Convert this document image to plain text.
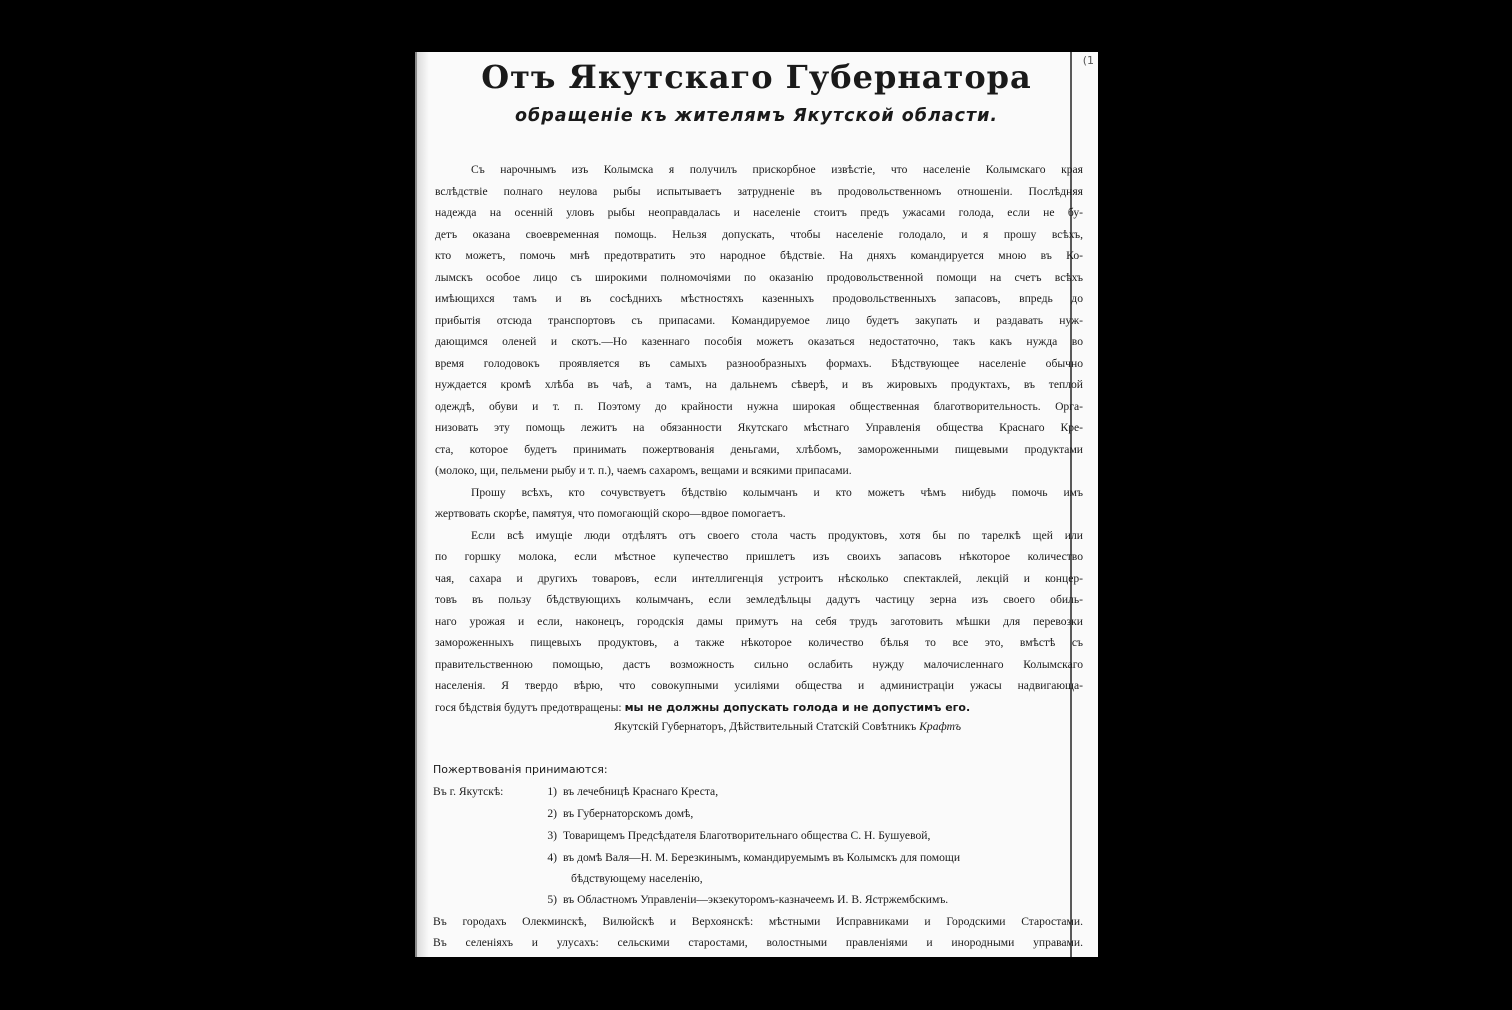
(1
Отъ Якутскаго Губернатора
обращеніе къ жителямъ Якутской области.
Съ нарочнымъ изъ Колымска я получилъ прискорбное извѣстіе, что населеніе Колымскаго края
вслѣдствіе полнаго неулова рыбы испытываетъ затрудненіе въ продовольственномъ отношеніи. Послѣдняя
надежда на осенній уловъ рыбы неоправдалась и населеніе стоитъ предъ ужасами голода, если не бу-
детъ оказана своевременная помощь. Нельзя допускать, чтобы населеніе голодало, и я прошу всѣхъ,
кто можетъ, помочь мнѣ предотвратить это народное бѣдствіе. На дняхъ командируется мною въ Ко-
лымскъ особое лицо съ широкими полномочіями по оказанію продовольственной помощи на счетъ всѣхъ
имѣющихся тамъ и въ сосѣднихъ мѣстностяхъ казенныхъ продовольственныхъ запасовъ, впредь до
прибытія отсюда транспортовъ съ припасами. Командируемое лицо будетъ закупать и раздавать нуж-
дающимся оленей и скотъ.—Но казеннаго пособія можетъ оказаться недостаточно, такъ какъ нужда во
время голодовокъ проявляется въ самыхъ разнообразныхъ формахъ. Бѣдствующее населеніе обычно
нуждается кромѣ хлѣба въ чаѣ, а тамъ, на дальнемъ сѣверѣ, и въ жировыхъ продуктахъ, въ теплой
одеждѣ, обуви и т. п. Поэтому до крайности нужна широкая общественная благотворительность. Орга-
низовать эту помощь лежитъ на обязанности Якутскаго мѣстнаго Управленія общества Краснаго Кре-
ста, которое будетъ принимать пожертвованія деньгами, хлѣбомъ, замороженными пищевыми продуктами
(молоко, щи, пельмени рыбу и т. п.), чаемъ сахаромъ, вещами и всякими припасами.
Прошу всѣхъ, кто сочувствуетъ бѣдствію колымчанъ и кто можетъ чѣмъ нибудь помочь имъ
жертвовать скорѣе, памятуя, что помогающій скоро—вдвое помогаетъ.
Если всѣ имущіе люди отдѣлятъ отъ своего стола часть продуктовъ, хотя бы по тарелкѣ щей или
по горшку молока, если мѣстное купечество пришлетъ изъ своихъ запасовъ нѣкоторое количество
чая, сахара и другихъ товаровъ, если интеллигенція устроитъ нѣсколько спектаклей, лекцій и концер-
товъ въ пользу бѣдствующихъ колымчанъ, если земледѣльцы дадутъ частицу зерна изъ своего обиль-
наго урожая и если, наконецъ, городскія дамы примутъ на себя трудъ заготовить мѣшки для перевозки
замороженныхъ пищевыхъ продуктовъ, а также нѣкоторое количество бѣлья то все это, вмѣстѣ съ
правительственною помощью, дастъ возможность сильно ослабить нужду малочисленнаго Колымскаго
населенія. Я твердо вѣрю, что совокупными усиліями общества и администраціи ужасы надвигающа-
гося бѣдствія будутъ предотвращены: мы не должны допускать голода и не допустимъ его.
Якутскій Губернаторъ, Дѣйствительный Статскій Совѣтникъ Крафтъ
Пожертвованія принимаются:
Въ г. Якутскѣ:	1) въ лечебницѣ Краснаго Креста,
2) въ Губернаторскомъ домѣ,
3) Товарищемъ Предсѣдателя Благотворительнаго общества С. Н. Бушуевой,
4) въ домѣ Валя—Н. М. Березкинымъ, командируемымъ въ Колымскъ для помощи
бѣдствующему населенію,
5) въ Областномъ Управленіи—экзекуторомъ-казначеемъ И. В. Ястржембскимъ.
Въ городахъ Олекминскѣ, Вилюйскѣ и Верхоянскѣ: мѣстными Исправниками и Городскими Старостами.
Въ селеніяхъ и улусахъ: сельскими старостами, волостными правленіями и инородными управами.
